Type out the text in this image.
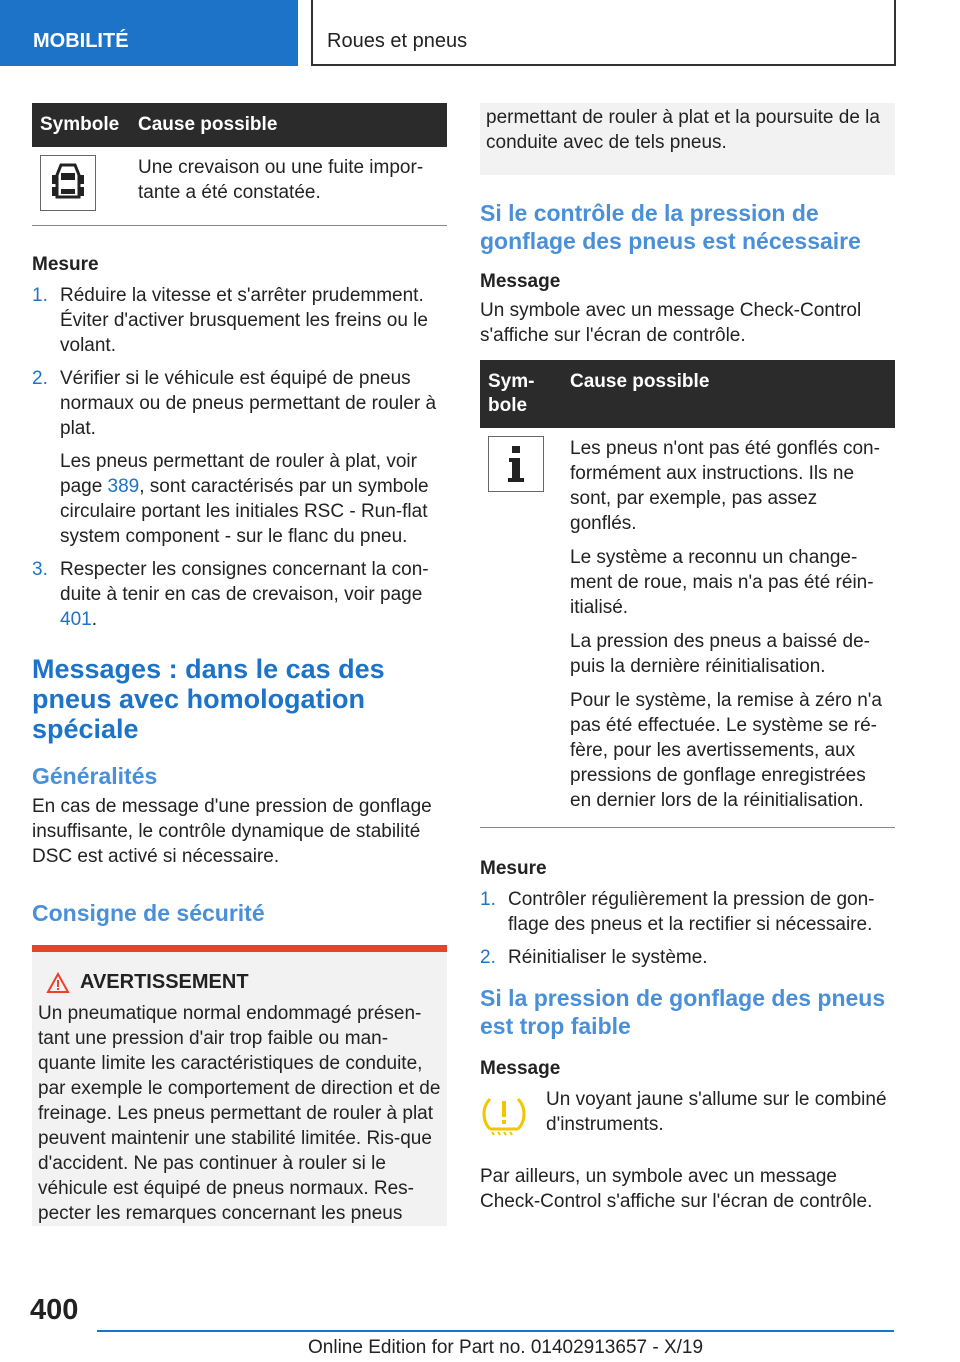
MOBILITÉ	Roues et pneus
Symbole	Cause possible

	Une crevaison ou une fuite impor-tante a été constatée.
Mesure
1. Réduire la vitesse et s'arrêter prudemment. Éviter d'activer brusquement les freins ou le volant.

2. Vérifier si le véhicule est équipé de pneus normaux ou de pneus permettant de rouler à plat.

Les pneus permettant de rouler à plat, voir page 389, sont caractérisés par un symbole circulaire portant les initiales RSC - Run-flat system component - sur le flanc du pneu.

3. Respecter les consignes concernant la con-duite à tenir en cas de crevaison, voir page 401.

Messages : dans le cas des pneus avec homologation spéciale
Généralités

En cas de message d'une pression de gonflage insuffisante, le contrôle dynamique de stabilité DSC est activé si nécessaire.

Consigne de sécurité
AVERTISSEMENT

Un pneumatique normal endommagé présen-tant une pression d'air trop faible ou man-quante limite les caractéristiques de conduite, par exemple le comportement de direction et de freinage. Les pneus permettant de rouler à plat peuvent maintenir une stabilité limitée. Ris-que d'accident. Ne pas continuer à rouler si le véhicule est équipé de pneus normaux. Res-pecter les remarques concernant les pneus

permettant de rouler à plat et la poursuite de la conduite avec de tels pneus.
Si le contrôle de la pression de gonflage des pneus est nécessaire
Message

Un symbole avec un message Check-Control s'affiche sur l'écran de contrôle.

Sym-bole	Cause possible

Les pneus n'ont pas été gonflés con-formément aux instructions. Ils ne sont, par exemple, pas assez gonflés.

Le système a reconnu un change-ment de roue, mais n'a pas été réin-itialisé.

La pression des pneus a baissé de-puis la dernière réinitialisation.

Pour le système, la remise à zéro n'a pas été effectuée. Le système se ré-fère, pour les avertissements, aux pressions de gonflage enregistrées en dernier lors de la réinitialisation.

Mesure
1. Contrôler régulièrement la pression de gon-flage des pneus et la rectifier si nécessaire.

2. Réinitialiser le système.

Si la pression de gonflage des pneus est trop faible
Message

Un voyant jaune s'allume sur le combiné d'instruments.

Par ailleurs, un symbole avec un message Check-Control s'affiche sur l'écran de contrôle.

400
Online Edition for Part no. 01402913657 - X/19
